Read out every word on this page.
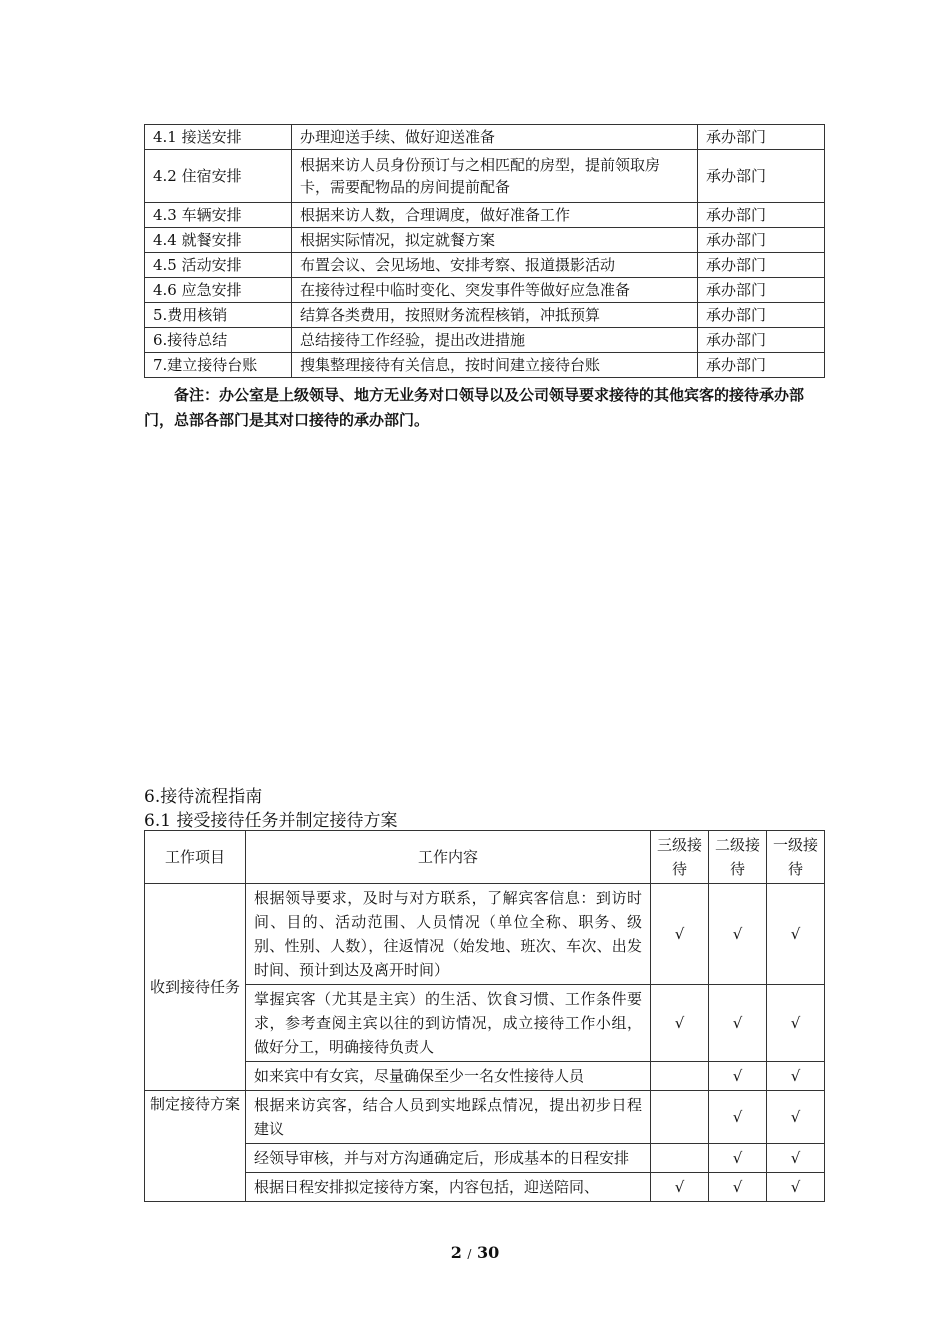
4.1 接送安排	办理迎送手续、做好迎送准备	承办部门
4.2 住宿安排	根据来访人员身份预订与之相匹配的房型，提前领取房卡，需要配物品的房间提前配备	承办部门
4.3 车辆安排	根据来访人数，合理调度，做好准备工作	承办部门
4.4 就餐安排	根据实际情况，拟定就餐方案	承办部门
4.5 活动安排	布置会议、会见场地、安排考察、报道摄影活动	承办部门
4.6 应急安排	在接待过程中临时变化、突发事件等做好应急准备	承办部门
5.费用核销	结算各类费用，按照财务流程核销，冲抵预算	承办部门
6.接待总结	总结接待工作经验，提出改进措施	承办部门
7.建立接待台账	搜集整理接待有关信息，按时间建立接待台账	承办部门
备注：办公室是上级领导、地方无业务对口领导以及公司领导要求接待的其他宾客的接待承办部门，总部各部门是其对口接待的承办部门。
6.接待流程指南
6.1 接受接待任务并制定接待方案
工作项目	工作内容	三级接待	二级接待	一级接待
收到接待任务	根据领导要求，及时与对方联系，了解宾客信息：到访时间、目的、活动范围、人员情况（单位全称、职务、级别、性别、人数），往返情况（始发地、班次、车次、出发时间、预计到达及离开时间）	√	√	√
	掌握宾客（尤其是主宾）的生活、饮食习惯、工作条件要求，参考查阅主宾以往的到访情况，成立接待工作小组，做好分工，明确接待负责人	√	√	√
	如来宾中有女宾，尽量确保至少一名女性接待人员		√	√
制定接待方案	根据来访宾客，结合人员到实地踩点情况，提出初步日程建议		√	√
	经领导审核，并与对方沟通确定后，形成基本的日程安排		√	√
	根据日程安排拟定接待方案，内容包括，迎送陪同、	√	√	√
2 / 30
